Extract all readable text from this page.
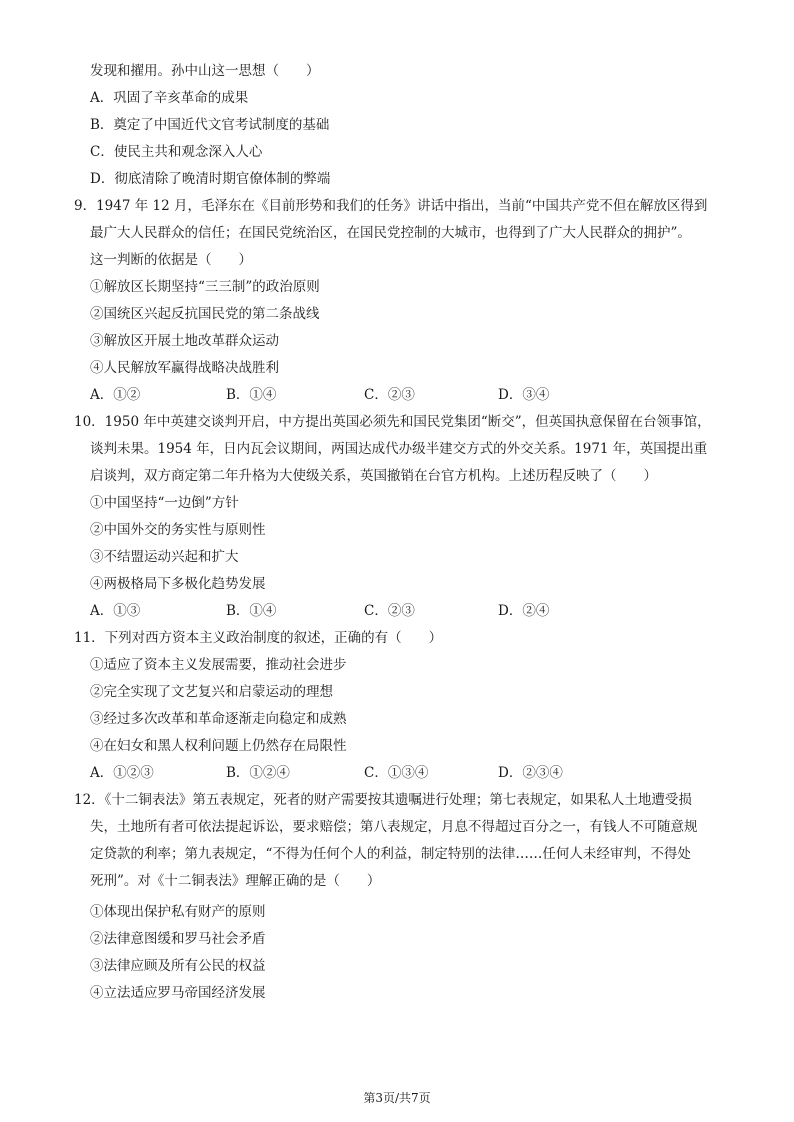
发现和擢用。孙中山这一思想（　　）
A．巩固了辛亥革命的成果
B．奠定了中国近代文官考试制度的基础
C．使民主共和观念深入人心
D．彻底清除了晚清时期官僚体制的弊端
9．1947 年 12 月，毛泽东在《目前形势和我们的任务》讲话中指出，当前“中国共产党不但在解放区得到
最广大人民群众的信任；在国民党统治区，在国民党控制的大城市，也得到了广大人民群众的拥护”。
这一判断的依据是（　　）
①解放区长期坚持“三三制”的政治原则
②国统区兴起反抗国民党的第二条战线
③解放区开展土地改革群众运动
④人民解放军赢得战略决战胜利
A．①②	B．①④	C．②③	D．③④
10．1950 年中英建交谈判开启，中方提出英国必须先和国民党集团“断交”，但英国执意保留在台领事馆，
谈判未果。1954 年，日内瓦会议期间，两国达成代办级半建交方式的外交关系。1971 年，英国提出重
启谈判，双方商定第二年升格为大使级关系，英国撤销在台官方机构。上述历程反映了（　　）
①中国坚持“一边倒”方针
②中国外交的务实性与原则性
③不结盟运动兴起和扩大
④两极格局下多极化趋势发展
A．①③	B．①④	C．②③	D．②④
11．下列对西方资本主义政治制度的叙述，正确的有（　　）
①适应了资本主义发展需要，推动社会进步
②完全实现了文艺复兴和启蒙运动的理想
③经过多次改革和革命逐渐走向稳定和成熟
④在妇女和黑人权利问题上仍然存在局限性
A．①②③	B．①②④	C．①③④	D．②③④
12．《十二铜表法》第五表规定，死者的财产需要按其遗嘱进行处理；第七表规定，如果私人土地遭受损
失，土地所有者可依法提起诉讼，要求赔偿；第八表规定，月息不得超过百分之一，有钱人不可随意规
定贷款的利率；第九表规定，“不得为任何个人的利益，制定特别的法律……任何人未经审判，不得处
死刑”。对《十二铜表法》理解正确的是（　　）
①体现出保护私有财产的原则
②法律意图缓和罗马社会矛盾
③法律应顾及所有公民的权益
④立法适应罗马帝国经济发展
第3页/共7页
